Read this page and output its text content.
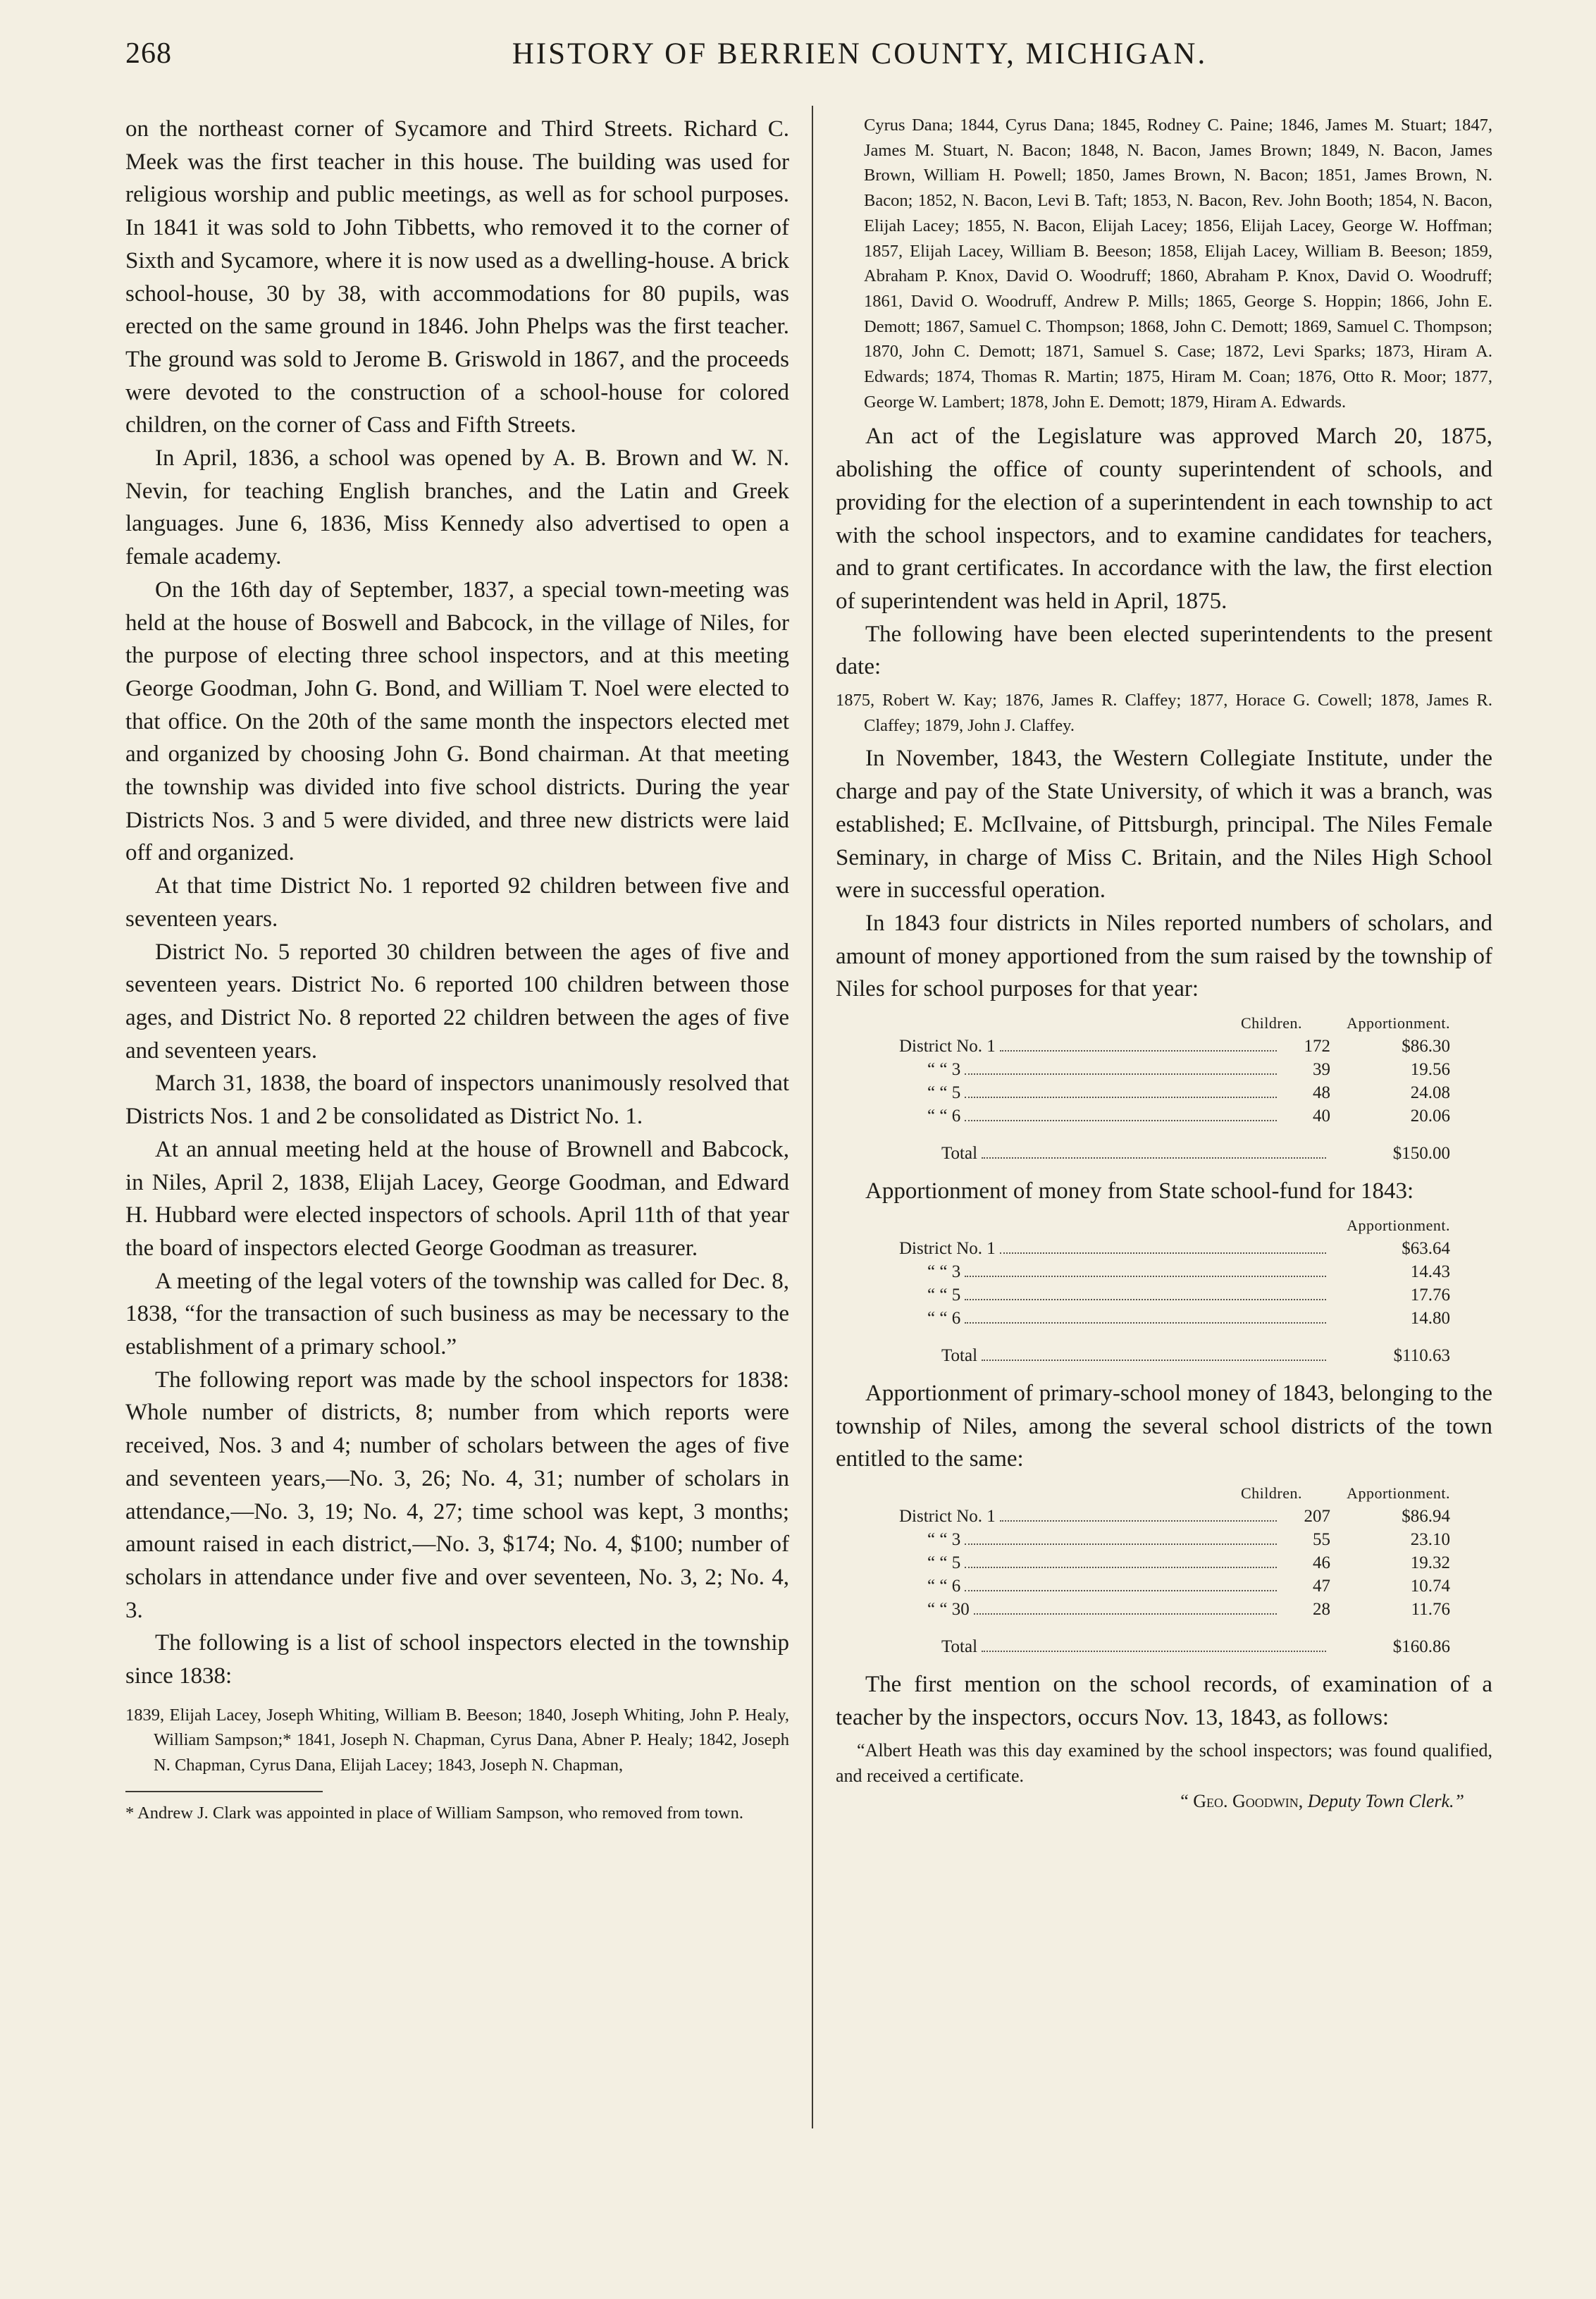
268	HISTORY OF BERRIEN COUNTY, MICHIGAN.

on the northeast corner of Sycamore and Third Streets. Richard C. Meek was the first teacher in this house. The building was used for religious worship and public meetings, as well as for school purposes. In 1841 it was sold to John Tibbetts, who removed it to the corner of Sixth and Sycamore, where it is now used as a dwelling-house. A brick school-house, 30 by 38, with accommodations for 80 pupils, was erected on the same ground in 1846. John Phelps was the first teacher. The ground was sold to Jerome B. Griswold in 1867, and the proceeds were devoted to the construction of a school-house for colored children, on the corner of Cass and Fifth Streets.

In April, 1836, a school was opened by A. B. Brown and W. N. Nevin, for teaching English branches, and the Latin and Greek languages. June 6, 1836, Miss Kennedy also advertised to open a female academy.

On the 16th day of September, 1837, a special town-meeting was held at the house of Boswell and Babcock, in the village of Niles, for the purpose of electing three school inspectors, and at this meeting George Goodman, John G. Bond, and William T. Noel were elected to that office. On the 20th of the same month the inspectors elected met and organized by choosing John G. Bond chairman. At that meeting the township was divided into five school districts. During the year Districts Nos. 3 and 5 were divided, and three new districts were laid off and organized.

At that time District No. 1 reported 92 children between five and seventeen years.

District No. 5 reported 30 children between the ages of five and seventeen years. District No. 6 reported 100 children between those ages, and District No. 8 reported 22 children between the ages of five and seventeen years.

March 31, 1838, the board of inspectors unanimously resolved that Districts Nos. 1 and 2 be consolidated as District No. 1.

At an annual meeting held at the house of Brownell and Babcock, in Niles, April 2, 1838, Elijah Lacey, George Goodman, and Edward H. Hubbard were elected inspectors of schools. April 11th of that year the board of inspectors elected George Goodman as treasurer.

A meeting of the legal voters of the township was called for Dec. 8, 1838, “for the transaction of such business as may be necessary to the establishment of a primary school.”

The following report was made by the school inspectors for 1838: Whole number of districts, 8; number from which reports were received, Nos. 3 and 4; number of scholars between the ages of five and seventeen years,—No. 3, 26; No. 4, 31; number of scholars in attendance,—No. 3, 19; No. 4, 27; time school was kept, 3 months; amount raised in each district,—No. 3, $174; No. 4, $100; number of scholars in attendance under five and over seventeen, No. 3, 2; No. 4, 3.

The following is a list of school inspectors elected in the township since 1838:

1839, Elijah Lacey, Joseph Whiting, William B. Beeson; 1840, Joseph Whiting, John P. Healy, William Sampson;* 1841, Joseph N. Chapman, Cyrus Dana, Abner P. Healy; 1842, Joseph N. Chapman, Cyrus Dana, Elijah Lacey; 1843, Joseph N. Chapman,

* Andrew J. Clark was appointed in place of William Sampson, who removed from town.

Cyrus Dana; 1844, Cyrus Dana; 1845, Rodney C. Paine; 1846, James M. Stuart; 1847, James M. Stuart, N. Bacon; 1848, N. Bacon, James Brown; 1849, N. Bacon, James Brown, William H. Powell; 1850, James Brown, N. Bacon; 1851, James Brown, N. Bacon; 1852, N. Bacon, Levi B. Taft; 1853, N. Bacon, Rev. John Booth; 1854, N. Bacon, Elijah Lacey; 1855, N. Bacon, Elijah Lacey; 1856, Elijah Lacey, George W. Hoffman; 1857, Elijah Lacey, William B. Beeson; 1858, Elijah Lacey, William B. Beeson; 1859, Abraham P. Knox, David O. Woodruff; 1860, Abraham P. Knox, David O. Woodruff; 1861, David O. Woodruff, Andrew P. Mills; 1865, George S. Hoppin; 1866, John E. Demott; 1867, Samuel C. Thompson; 1868, John C. Demott; 1869, Samuel C. Thompson; 1870, John C. Demott; 1871, Samuel S. Case; 1872, Levi Sparks; 1873, Hiram A. Edwards; 1874, Thomas R. Martin; 1875, Hiram M. Coan; 1876, Otto R. Moor; 1877, George W. Lambert; 1878, John E. Demott; 1879, Hiram A. Edwards.

An act of the Legislature was approved March 20, 1875, abolishing the office of county superintendent of schools, and providing for the election of a superintendent in each township to act with the school inspectors, and to examine candidates for teachers, and to grant certificates. In accordance with the law, the first election of superintendent was held in April, 1875.

The following have been elected superintendents to the present date:

1875, Robert W. Kay; 1876, James R. Claffey; 1877, Horace G. Cowell; 1878, James R. Claffey; 1879, John J. Claffey.

In November, 1843, the Western Collegiate Institute, under the charge and pay of the State University, of which it was a branch, was established; E. McIlvaine, of Pittsburgh, principal. The Niles Female Seminary, in charge of Miss C. Britain, and the Niles High School were in successful operation.

In 1843 four districts in Niles reported numbers of scholars, and amount of money apportioned from the sum raised by the township of Niles for school purposes for that year:

Children.	Apportionment.
District No. 1	172	$86.30
“ “ 3	39	19.56
“ “ 5	48	24.08
“ “ 6	40	20.06
Total	$150.00

Apportionment of money from State school-fund for 1843:

Apportionment.
District No. 1	$63.64
“ “ 3	14.43
“ “ 5	17.76
“ “ 6	14.80
Total	$110.63

Apportionment of primary-school money of 1843, belonging to the township of Niles, among the several school districts of the town entitled to the same:

Children.	Apportionment.
District No. 1	207	$86.94
“ “ 3	55	23.10
“ “ 5	46	19.32
“ “ 6	47	10.74
“ “ 30	28	11.76
Total	$160.86

The first mention on the school records, of examination of a teacher by the inspectors, occurs Nov. 13, 1843, as follows:

“Albert Heath was this day examined by the school inspectors; was found qualified, and received a certificate.

“ Geo. Goodwin, Deputy Town Clerk.”
